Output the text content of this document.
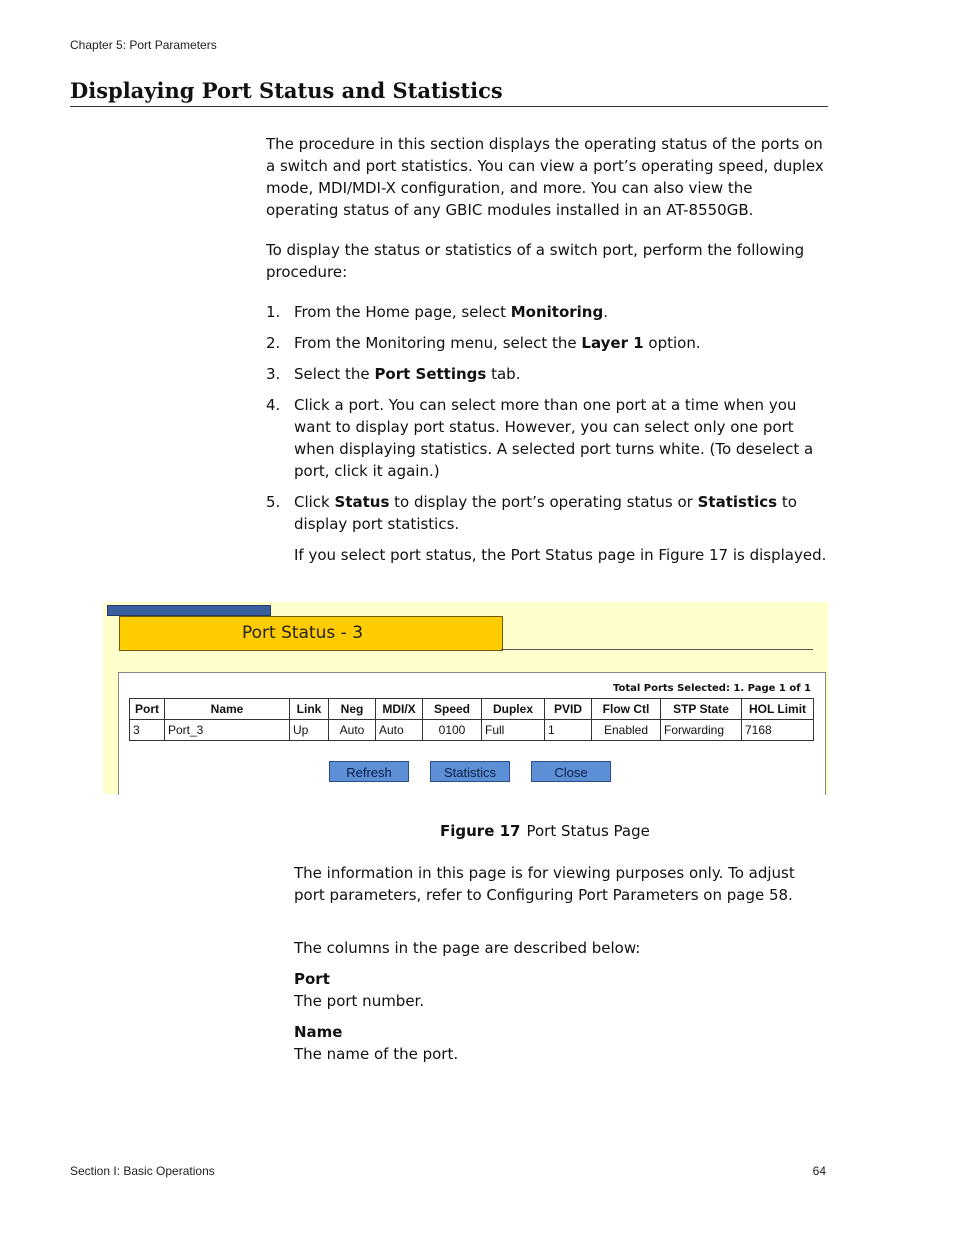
Chapter 5: Port Parameters
Displaying Port Status and Statistics

The procedure in this section displays the operating status of the ports on a switch and port statistics. You can view a port’s operating speed, duplex mode, MDI/MDI-X configuration, and more. You can also view the operating status of any GBIC modules installed in an AT-8550GB.

To display the status or statistics of a switch port, perform the following procedure:

1. From the Home page, select Monitoring.
2. From the Monitoring menu, select the Layer 1 option.
3. Select the Port Settings tab.
4. Click a port. You can select more than one port at a time when you want to display port status. However, you can select only one port when displaying statistics. A selected port turns white. (To deselect a port, click it again.)
5. Click Status to display the port’s operating status or Statistics to display port statistics.

If you select port status, the Port Status page in Figure 17 is displayed.

Port Status - 3
Total Ports Selected: 1. Page 1 of 1
Port	Name	Link	Neg	MDI/X	Speed	Duplex	PVID	Flow Ctl	STP State	HOL Limit
3	Port_3	Up	Auto	Auto	0100	Full	1	Enabled	Forwarding	7168
Refresh	Statistics	Close
Figure 17 Port Status Page

The information in this page is for viewing purposes only. To adjust port parameters, refer to Configuring Port Parameters on page 58.

The columns in the page are described below:

Port
The port number.
Name
The name of the port.
Section I: Basic Operations	64
